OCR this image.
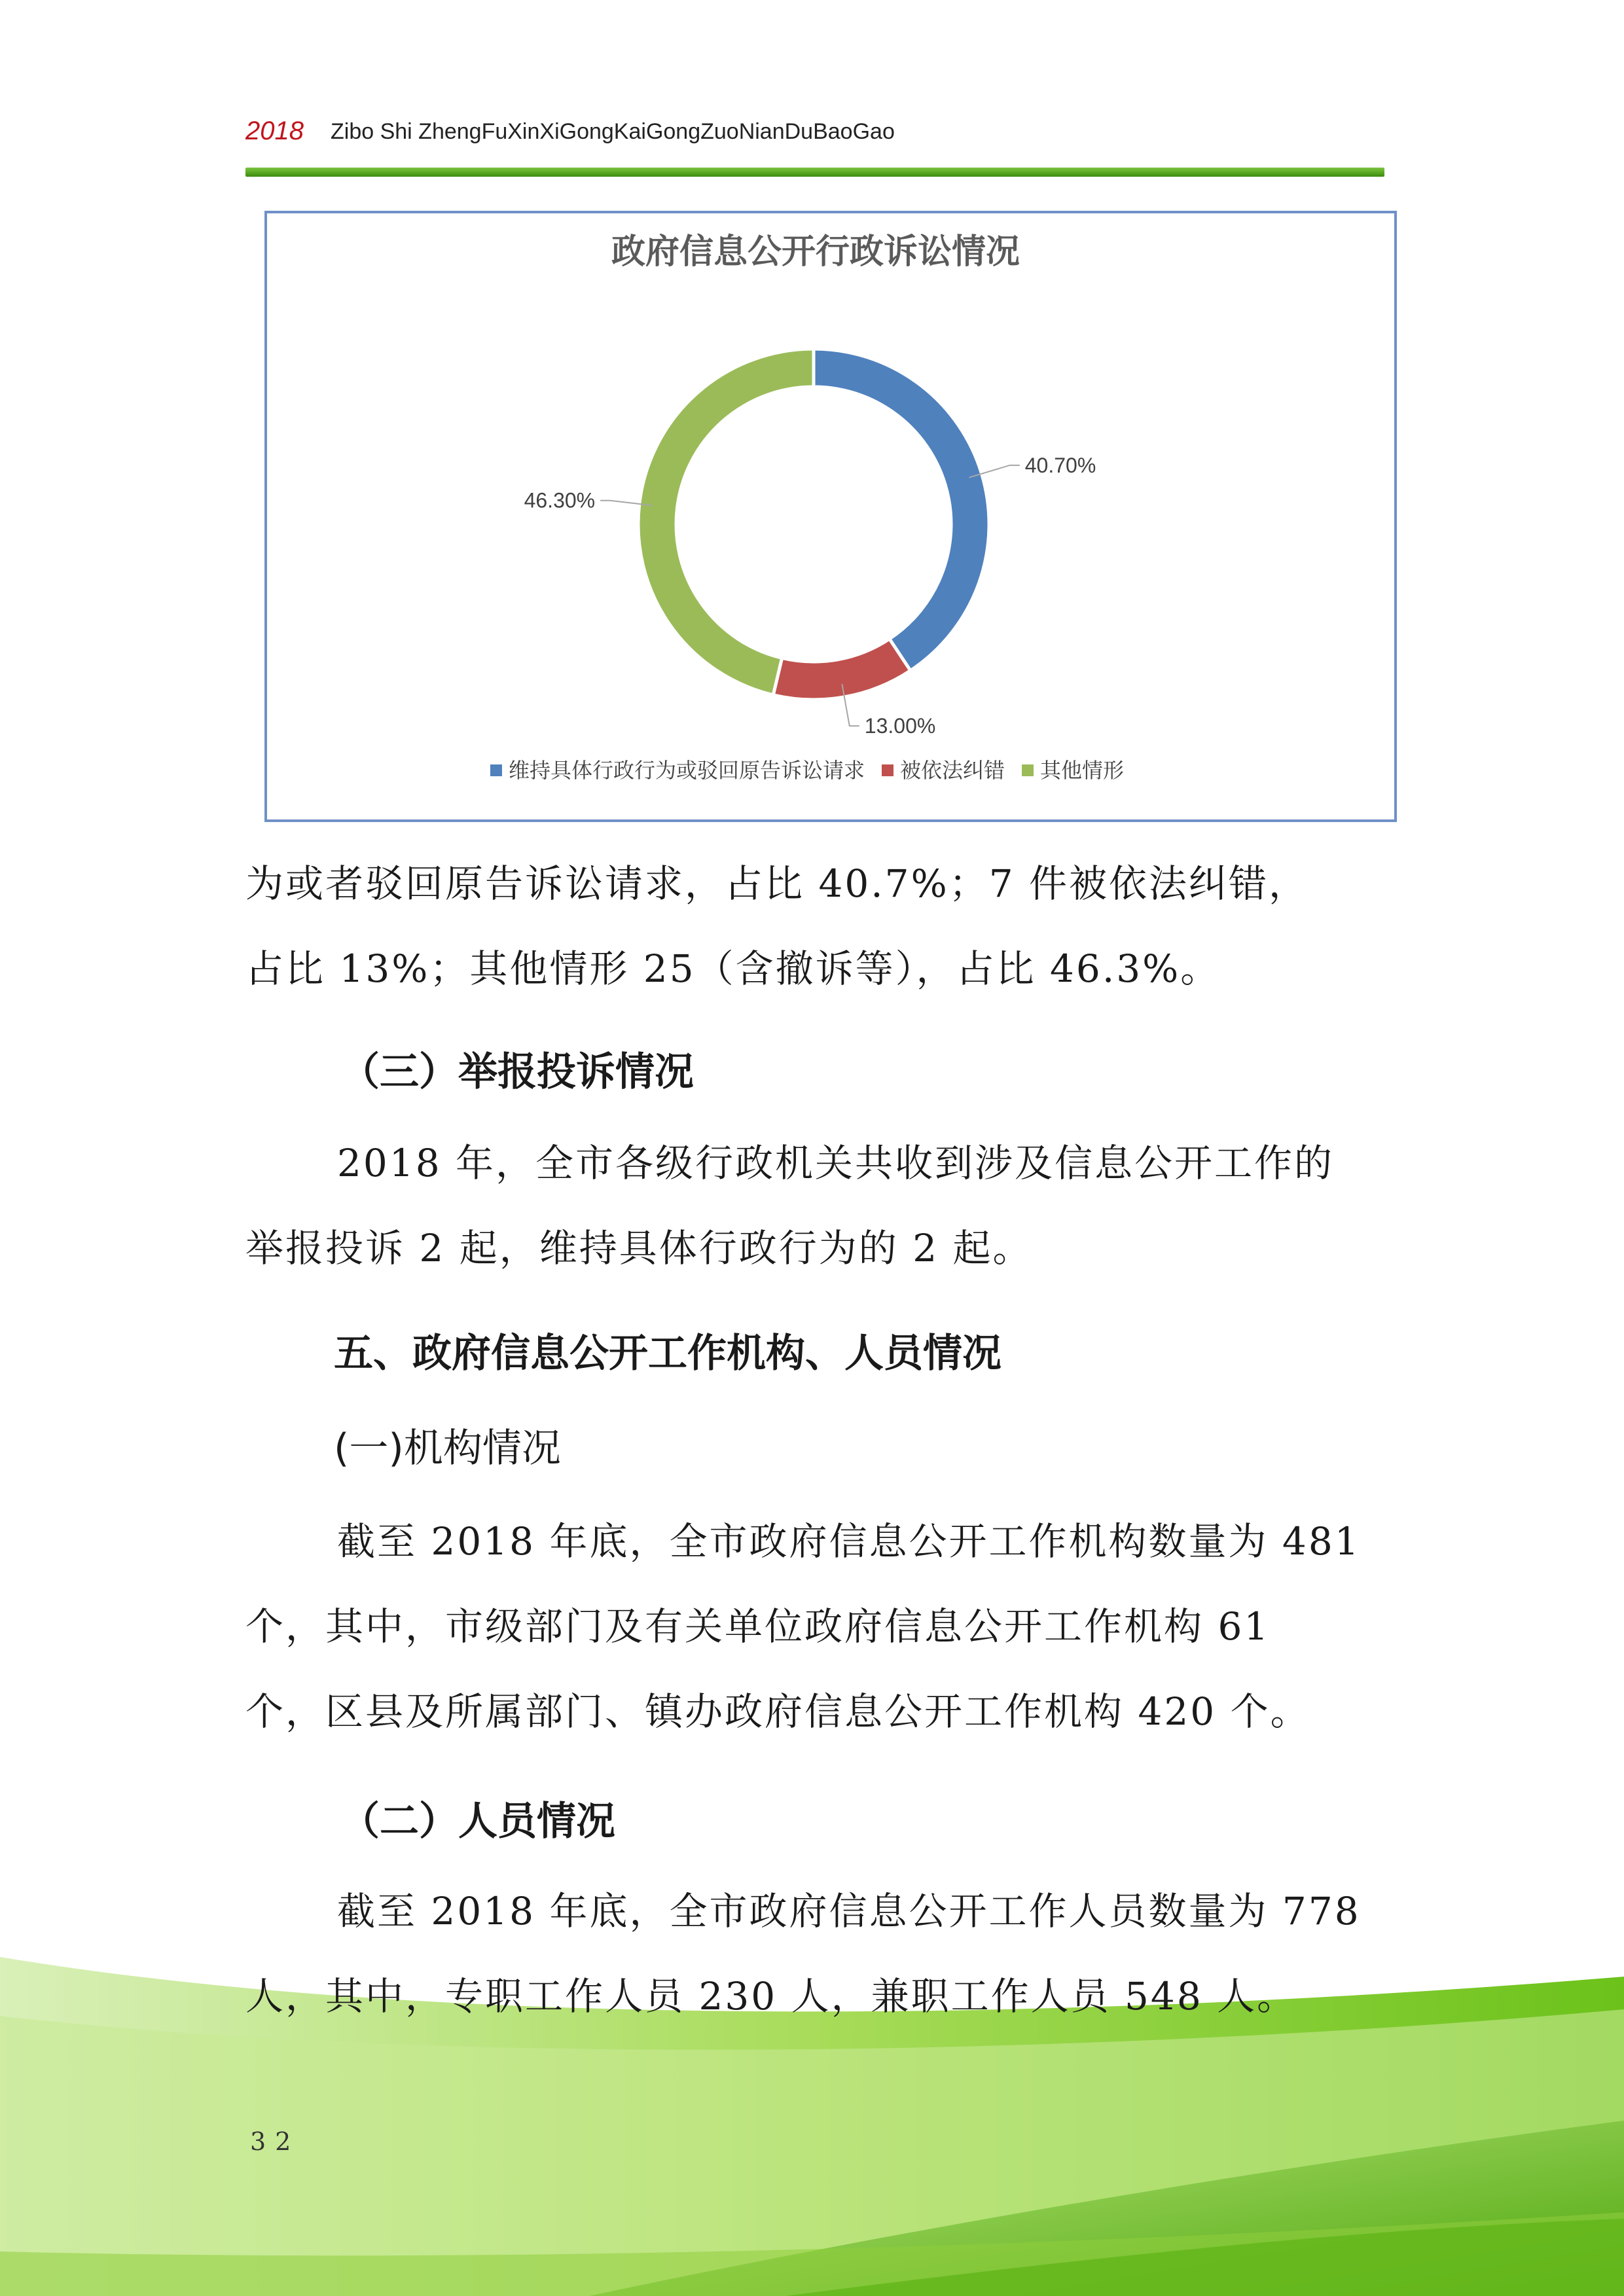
2018 Zibo Shi ZhengFuXinXiGongKaiGongZuoNianDuBaoGao
政府信息公开行政诉讼情况
40.70%
13.00%
46.30%
维持具体行政行为或驳回原告诉讼请求 被依法纠错 其他情形

为或者驳回原告诉讼请求，占比 40.7%；7 件被依法纠错，

占比 13%；其他情形 25（含撤诉等），占比 46.3%。

（三）举报投诉情况

2018 年，全市各级行政机关共收到涉及信息公开工作的

举报投诉 2 起，维持具体行政行为的 2 起。

五、政府信息公开工作机构、人员情况

(一)机构情况

截至 2018 年底，全市政府信息公开工作机构数量为 481

个，其中，市级部门及有关单位政府信息公开工作机构 61

个，区县及所属部门、镇办政府信息公开工作机构 420 个。

（二）人员情况

截至 2018 年底，全市政府信息公开工作人员数量为 778

人，其中，专职工作人员 230 人，兼职工作人员 548 人。

32
